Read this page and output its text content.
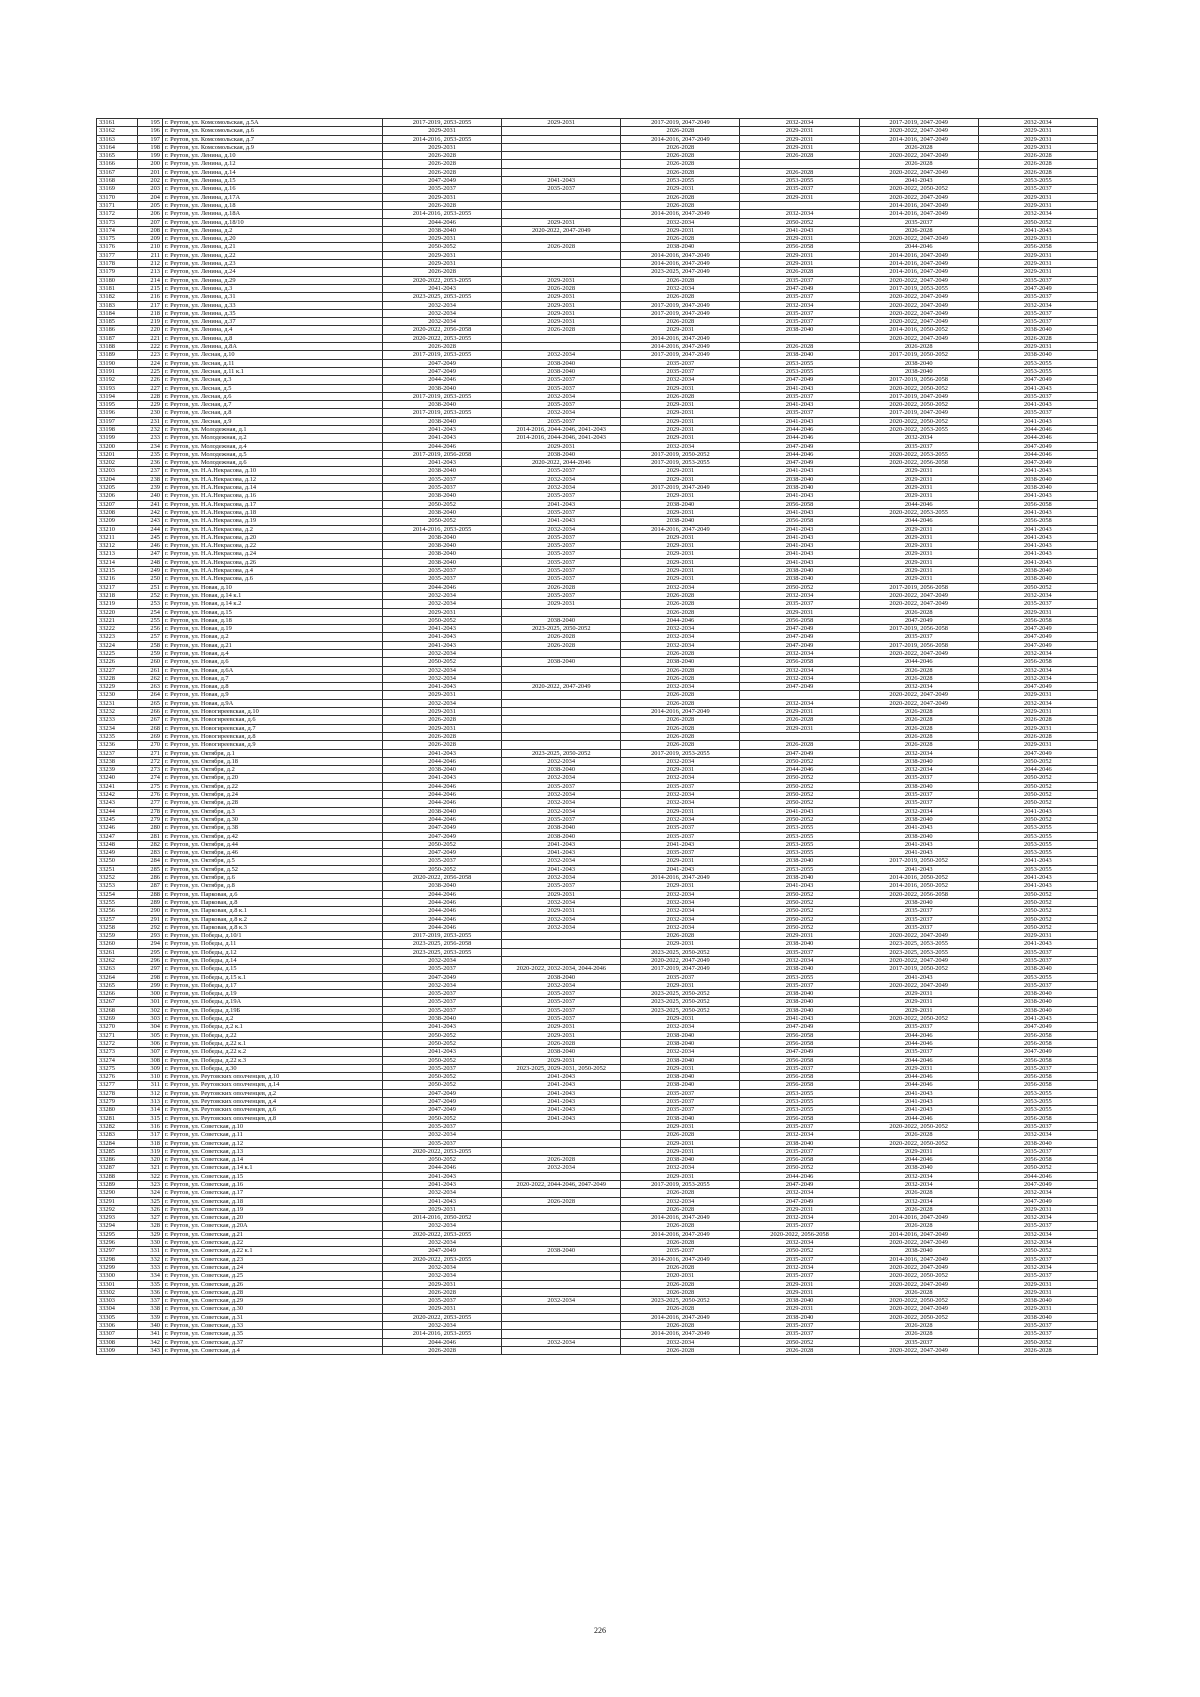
33161	195	г. Реутов, ул. Комсомольская, д.5А	2017-2019, 2053-2055	2029-2031	2017-2019, 2047-2049	2032-2034	2017-2019, 2047-2049	2032-2034
33162	196	г. Реутов, ул. Комсомольская, д.6	2029-2031		2026-2028	2029-2031	2020-2022, 2047-2049	2029-2031
33163	197	г. Реутов, ул. Комсомольская, д.7	2014-2016, 2053-2055		2014-2016, 2047-2049	2029-2031	2014-2016, 2047-2049	2029-2031
33164	198	г. Реутов, ул. Комсомольская, д.9	2029-2031		2026-2028	2029-2031	2026-2028	2029-2031
33165	199	г. Реутов, ул. Ленина, д.10	2026-2028		2026-2028	2026-2028	2020-2022, 2047-2049	2026-2028
33166	200	г. Реутов, ул. Ленина, д.12	2026-2028		2026-2028		2026-2028	2026-2028
33167	201	г. Реутов, ул. Ленина, д.14	2026-2028		2026-2028	2026-2028	2020-2022, 2047-2049	2026-2028
33168	202	г. Реутов, ул. Ленина, д.15	2047-2049	2041-2043	2053-2055	2053-2055	2041-2043	2053-2055
33169	203	г. Реутов, ул. Ленина, д.16	2035-2037	2035-2037	2029-2031	2035-2037	2020-2022, 2050-2052	2035-2037
33170	204	г. Реутов, ул. Ленина, д.17А	2029-2031		2026-2028	2029-2031	2020-2022, 2047-2049	2029-2031
33171	205	г. Реутов, ул. Ленина, д.18	2026-2028		2026-2028		2014-2016, 2047-2049	2029-2031
33172	206	г. Реутов, ул. Ленина, д.18А	2014-2016, 2053-2055		2014-2016, 2047-2049	2032-2034	2014-2016, 2047-2049	2032-2034
33173	207	г. Реутов, ул. Ленина, д.18/10	2044-2046	2029-2031	2032-2034	2050-2052	2035-2037	2050-2052
33174	208	г. Реутов, ул. Ленина, д.2	2038-2040	2020-2022, 2047-2049	2029-2031	2041-2043	2026-2028	2041-2043
33175	209	г. Реутов, ул. Ленина, д.20	2029-2031		2026-2028	2029-2031	2020-2022, 2047-2049	2029-2031
33176	210	г. Реутов, ул. Ленина, д.21	2050-2052	2026-2028	2038-2040	2056-2058	2044-2046	2056-2058
33177	211	г. Реутов, ул. Ленина, д.22	2029-2031		2014-2016, 2047-2049	2029-2031	2014-2016, 2047-2049	2029-2031
33178	212	г. Реутов, ул. Ленина, д.23	2029-2031		2014-2016, 2047-2049	2029-2031	2014-2016, 2047-2049	2029-2031
33179	213	г. Реутов, ул. Ленина, д.24	2026-2028		2023-2025, 2047-2049	2026-2028	2014-2016, 2047-2049	2029-2031
33180	214	г. Реутов, ул. Ленина, д.29	2020-2022, 2053-2055	2029-2031	2026-2028	2035-2037	2020-2022, 2047-2049	2035-2037
33181	215	г. Реутов, ул. Ленина, д.3	2041-2043	2026-2028	2032-2034	2047-2049	2017-2019, 2053-2055	2047-2049
33182	216	г. Реутов, ул. Ленина, д.31	2023-2025, 2053-2055	2029-2031	2026-2028	2035-2037	2020-2022, 2047-2049	2035-2037
33183	217	г. Реутов, ул. Ленина, д.33	2032-2034	2029-2031	2017-2019, 2047-2049	2032-2034	2020-2022, 2047-2049	2032-2034
33184	218	г. Реутов, ул. Ленина, д.35	2032-2034	2029-2031	2017-2019, 2047-2049	2035-2037	2020-2022, 2047-2049	2035-2037
33185	219	г. Реутов, ул. Ленина, д.37	2032-2034	2029-2031	2026-2028	2035-2037	2020-2022, 2047-2049	2035-2037
33186	220	г. Реутов, ул. Ленина, д.4	2020-2022, 2056-2058	2026-2028	2029-2031	2038-2040	2014-2016, 2050-2052	2038-2040
33187	221	г. Реутов, ул. Ленина, д.8	2020-2022, 2053-2055		2014-2016, 2047-2049		2020-2022, 2047-2049	2026-2028
33188	222	г. Реутов, ул. Ленина, д.8А	2026-2028		2014-2016, 2047-2049	2026-2028	2026-2028	2029-2031
33189	223	г. Реутов, ул. Лесная, д.10	2017-2019, 2053-2055	2032-2034	2017-2019, 2047-2049	2038-2040	2017-2019, 2050-2052	2038-2040
33190	224	г. Реутов, ул. Лесная, д.11	2047-2049	2038-2040	2035-2037	2053-2055	2038-2040	2053-2055
33191	225	г. Реутов, ул. Лесная, д.11 к.1	2047-2049	2038-2040	2035-2037	2053-2055	2038-2040	2053-2055
33192	226	г. Реутов, ул. Лесная, д.3	2044-2046	2035-2037	2032-2034	2047-2049	2017-2019, 2056-2058	2047-2049
33193	227	г. Реутов, ул. Лесная, д.5	2038-2040	2035-2037	2029-2031	2041-2043	2020-2022, 2050-2052	2041-2043
33194	228	г. Реутов, ул. Лесная, д.6	2017-2019, 2053-2055	2032-2034	2026-2028	2035-2037	2017-2019, 2047-2049	2035-2037
33195	229	г. Реутов, ул. Лесная, д.7	2038-2040	2035-2037	2029-2031	2041-2043	2020-2022, 2050-2052	2041-2043
33196	230	г. Реутов, ул. Лесная, д.8	2017-2019, 2053-2055	2032-2034	2029-2031	2035-2037	2017-2019, 2047-2049	2035-2037
33197	231	г. Реутов, ул. Лесная, д.9	2038-2040	2035-2037	2029-2031	2041-2043	2020-2022, 2050-2052	2041-2043
33198	232	г. Реутов, ул. Молодежная, д.1	2041-2043	2014-2016, 2044-2046, 2041-2043	2029-2031	2044-2046	2020-2022, 2053-2055	2044-2046
33199	233	г. Реутов, ул. Молодежная, д.2	2041-2043	2014-2016, 2044-2046, 2041-2043	2029-2031	2044-2046	2032-2034	2044-2046
33200	234	г. Реутов, ул. Молодежная, д.4	2044-2046	2029-2031	2032-2034	2047-2049	2035-2037	2047-2049
33201	235	г. Реутов, ул. Молодежная, д.5	2017-2019, 2056-2058	2038-2040	2017-2019, 2050-2052	2044-2046	2020-2022, 2053-2055	2044-2046
33202	236	г. Реутов, ул. Молодежная, д.6	2041-2043	2020-2022, 2044-2046	2017-2019, 2053-2055	2047-2049	2020-2022, 2056-2058	2047-2049
33203	237	г. Реутов, ул. Н.А.Некрасова, д.10	2038-2040	2035-2037	2029-2031	2041-2043	2029-2031	2041-2043
33204	238	г. Реутов, ул. Н.А.Некрасова, д.12	2035-2037	2032-2034	2029-2031	2038-2040	2029-2031	2038-2040
33205	239	г. Реутов, ул. Н.А.Некрасова, д.14	2035-2037	2032-2034	2017-2019, 2047-2049	2038-2040	2029-2031	2038-2040
33206	240	г. Реутов, ул. Н.А.Некрасова, д.16	2038-2040	2035-2037	2029-2031	2041-2043	2029-2031	2041-2043
33207	241	г. Реутов, ул. Н.А.Некрасова, д.17	2050-2052	2041-2043	2038-2040	2056-2058	2044-2046	2056-2058
33208	242	г. Реутов, ул. Н.А.Некрасова, д.18	2038-2040	2035-2037	2029-2031	2041-2043	2020-2022, 2053-2055	2041-2043
33209	243	г. Реутов, ул. Н.А.Некрасова, д.19	2050-2052	2041-2043	2038-2040	2056-2058	2044-2046	2056-2058
33210	244	г. Реутов, ул. Н.А.Некрасова, д.2	2014-2016, 2053-2055	2032-2034	2014-2016, 2047-2049	2041-2043	2029-2031	2041-2043
33211	245	г. Реутов, ул. Н.А.Некрасова, д.20	2038-2040	2035-2037	2029-2031	2041-2043	2029-2031	2041-2043
33212	246	г. Реутов, ул. Н.А.Некрасова, д.22	2038-2040	2035-2037	2029-2031	2041-2043	2029-2031	2041-2043
33213	247	г. Реутов, ул. Н.А.Некрасова, д.24	2038-2040	2035-2037	2029-2031	2041-2043	2029-2031	2041-2043
33214	248	г. Реутов, ул. Н.А.Некрасова, д.26	2038-2040	2035-2037	2029-2031	2041-2043	2029-2031	2041-2043
33215	249	г. Реутов, ул. Н.А.Некрасова, д.4	2035-2037	2035-2037	2029-2031	2038-2040	2029-2031	2038-2040
33216	250	г. Реутов, ул. Н.А.Некрасова, д.6	2035-2037	2035-2037	2029-2031	2038-2040	2029-2031	2038-2040
33217	251	г. Реутов, ул. Новая, д.10	2044-2046	2026-2028	2032-2034	2050-2052	2017-2019, 2056-2058	2050-2052
33218	252	г. Реутов, ул. Новая, д.14 к.1	2032-2034	2035-2037	2026-2028	2032-2034	2020-2022, 2047-2049	2032-2034
33219	253	г. Реутов, ул. Новая, д.14 к.2	2032-2034	2029-2031	2026-2028	2035-2037	2020-2022, 2047-2049	2035-2037
33220	254	г. Реутов, ул. Новая, д.15	2029-2031		2026-2028	2029-2031	2026-2028	2029-2031
33221	255	г. Реутов, ул. Новая, д.18	2050-2052	2038-2040	2044-2046	2056-2058	2047-2049	2056-2058
33222	256	г. Реутов, ул. Новая, д.19	2041-2043	2023-2025, 2050-2052	2032-2034	2047-2049	2017-2019, 2056-2058	2047-2049
33223	257	г. Реутов, ул. Новая, д.2	2041-2043	2026-2028	2032-2034	2047-2049	2035-2037	2047-2049
33224	258	г. Реутов, ул. Новая, д.21	2041-2043	2026-2028	2032-2034	2047-2049	2017-2019, 2056-2058	2047-2049
33225	259	г. Реутов, ул. Новая, д.4	2032-2034		2026-2028	2032-2034	2020-2022, 2047-2049	2032-2034
33226	260	г. Реутов, ул. Новая, д.6	2050-2052	2038-2040	2038-2040	2056-2058	2044-2046	2056-2058
33227	261	г. Реутов, ул. Новая, д.6А	2032-2034		2026-2028	2032-2034	2026-2028	2032-2034
33228	262	г. Реутов, ул. Новая, д.7	2032-2034		2026-2028	2032-2034	2026-2028	2032-2034
33229	263	г. Реутов, ул. Новая, д.8	2041-2043	2020-2022, 2047-2049	2032-2034	2047-2049	2032-2034	2047-2049
33230	264	г. Реутов, ул. Новая, д.9	2029-2031		2026-2028		2020-2022, 2047-2049	2029-2031
33231	265	г. Реутов, ул. Новая, д.9А	2032-2034		2026-2028	2032-2034	2020-2022, 2047-2049	2032-2034
33232	266	г. Реутов, ул. Новогиреевская, д.10	2029-2031		2014-2016, 2047-2049	2029-2031	2026-2028	2029-2031
33233	267	г. Реутов, ул. Новогиреевская, д.6	2026-2028		2026-2028	2026-2028	2026-2028	2026-2028
33234	268	г. Реутов, ул. Новогиреевская, д.7	2029-2031		2026-2028	2029-2031	2026-2028	2029-2031
33235	269	г. Реутов, ул. Новогиреевская, д.8	2026-2028		2026-2028		2026-2028	2026-2028
33236	270	г. Реутов, ул. Новогиреевская, д.9	2026-2028		2026-2028	2026-2028	2026-2028	2029-2031
33237	271	г. Реутов, ул. Октября, д.1	2041-2043	2023-2025, 2050-2052	2017-2019, 2053-2055	2047-2049	2032-2034	2047-2049
33238	272	г. Реутов, ул. Октября, д.18	2044-2046	2032-2034	2032-2034	2050-2052	2038-2040	2050-2052
33239	273	г. Реутов, ул. Октября, д.2	2038-2040	2038-2040	2029-2031	2044-2046	2032-2034	2044-2046
33240	274	г. Реутов, ул. Октября, д.20	2041-2043	2032-2034	2032-2034	2050-2052	2035-2037	2050-2052
33241	275	г. Реутов, ул. Октября, д.22	2044-2046	2035-2037	2035-2037	2050-2052	2038-2040	2050-2052
33242	276	г. Реутов, ул. Октября, д.24	2044-2046	2032-2034	2032-2034	2050-2052	2035-2037	2050-2052
33243	277	г. Реутов, ул. Октября, д.28	2044-2046	2032-2034	2032-2034	2050-2052	2035-2037	2050-2052
33244	278	г. Реутов, ул. Октября, д.3	2038-2040	2032-2034	2029-2031	2041-2043	2032-2034	2041-2043
33245	279	г. Реутов, ул. Октября, д.30	2044-2046	2035-2037	2032-2034	2050-2052	2038-2040	2050-2052
33246	280	г. Реутов, ул. Октября, д.38	2047-2049	2038-2040	2035-2037	2053-2055	2041-2043	2053-2055
33247	281	г. Реутов, ул. Октября, д.42	2047-2049	2038-2040	2035-2037	2053-2055	2038-2040	2053-2055
33248	282	г. Реутов, ул. Октября, д.44	2050-2052	2041-2043	2041-2043	2053-2055	2041-2043	2053-2055
33249	283	г. Реутов, ул. Октября, д.46	2047-2049	2041-2043	2035-2037	2053-2055	2041-2043	2053-2055
33250	284	г. Реутов, ул. Октября, д.5	2035-2037	2032-2034	2029-2031	2038-2040	2017-2019, 2050-2052	2041-2043
33251	285	г. Реутов, ул. Октября, д.52	2050-2052	2041-2043	2041-2043	2053-2055	2041-2043	2053-2055
33252	286	г. Реутов, ул. Октября, д.6	2020-2022, 2056-2058	2032-2034	2014-2016, 2047-2049	2038-2040	2014-2016, 2050-2052	2041-2043
33253	287	г. Реутов, ул. Октября, д.8	2038-2040	2035-2037	2029-2031	2041-2043	2014-2016, 2050-2052	2041-2043
33254	288	г. Реутов, ул. Парковая, д.6	2044-2046	2029-2031	2032-2034	2050-2052	2020-2022, 2056-2058	2050-2052
33255	289	г. Реутов, ул. Парковая, д.8	2044-2046	2032-2034	2032-2034	2050-2052	2038-2040	2050-2052
33256	290	г. Реутов, ул. Парковая, д.8 к.1	2044-2046	2029-2031	2032-2034	2050-2052	2035-2037	2050-2052
33257	291	г. Реутов, ул. Парковая, д.8 к.2	2044-2046	2032-2034	2032-2034	2050-2052	2035-2037	2050-2052
33258	292	г. Реутов, ул. Парковая, д.8 к.3	2044-2046	2032-2034	2032-2034	2050-2052	2035-2037	2050-2052
33259	293	г. Реутов, ул. Победы, д.10/1	2017-2019, 2053-2055		2026-2028	2029-2031	2020-2022, 2047-2049	2029-2031
33260	294	г. Реутов, ул. Победы, д.11	2023-2025, 2056-2058		2029-2031	2038-2040	2023-2025, 2053-2055	2041-2043
33261	295	г. Реутов, ул. Победы, д.12	2023-2025, 2053-2055		2023-2025, 2050-2052	2035-2037	2023-2025, 2053-2055	2035-2037
33262	296	г. Реутов, ул. Победы, д.14	2032-2034		2020-2022, 2047-2049	2032-2034	2020-2022, 2047-2049	2035-2037
33263	297	г. Реутов, ул. Победы, д.15	2035-2037	2020-2022, 2032-2034, 2044-2046	2017-2019, 2047-2049	2038-2040	2017-2019, 2050-2052	2038-2040
33264	298	г. Реутов, ул. Победы, д.15 к.1	2047-2049	2038-2040	2035-2037	2053-2055	2041-2043	2053-2055
33265	299	г. Реутов, ул. Победы, д.17	2032-2034	2032-2034	2029-2031	2035-2037	2020-2022, 2047-2049	2035-2037
33266	300	г. Реутов, ул. Победы, д.19	2035-2037	2035-2037	2023-2025, 2050-2052	2038-2040	2029-2031	2038-2040
33267	301	г. Реутов, ул. Победы, д.19А	2035-2037	2035-2037	2023-2025, 2050-2052	2038-2040	2029-2031	2038-2040
33268	302	г. Реутов, ул. Победы, д.19Б	2035-2037	2035-2037	2023-2025, 2050-2052	2038-2040	2029-2031	2038-2040
33269	303	г. Реутов, ул. Победы, д.2	2038-2040	2035-2037	2029-2031	2041-2043	2020-2022, 2050-2052	2041-2043
33270	304	г. Реутов, ул. Победы, д.2 к.1	2041-2043	2029-2031	2032-2034	2047-2049	2035-2037	2047-2049
33271	305	г. Реутов, ул. Победы, д.22	2050-2052	2029-2031	2038-2040	2056-2058	2044-2046	2056-2058
33272	306	г. Реутов, ул. Победы, д.22 к.1	2050-2052	2026-2028	2038-2040	2056-2058	2044-2046	2056-2058
33273	307	г. Реутов, ул. Победы, д.22 к.2	2041-2043	2038-2040	2032-2034	2047-2049	2035-2037	2047-2049
33274	308	г. Реутов, ул. Победы, д.22 к.3	2050-2052	2029-2031	2038-2040	2056-2058	2044-2046	2056-2058
33275	309	г. Реутов, ул. Победы, д.30	2035-2037	2023-2025, 2029-2031, 2050-2052	2029-2031	2035-2037	2029-2031	2035-2037
33276	310	г. Реутов, ул. Реутовских ополченцев, д.10	2050-2052	2041-2043	2038-2040	2056-2058	2044-2046	2056-2058
33277	311	г. Реутов, ул. Реутовских ополченцев, д.14	2050-2052	2041-2043	2038-2040	2056-2058	2044-2046	2056-2058
33278	312	г. Реутов, ул. Реутовских ополченцев, д.2	2047-2049	2041-2043	2035-2037	2053-2055	2041-2043	2053-2055
33279	313	г. Реутов, ул. Реутовских ополченцев, д.4	2047-2049	2041-2043	2035-2037	2053-2055	2041-2043	2053-2055
33280	314	г. Реутов, ул. Реутовских ополченцев, д.6	2047-2049	2041-2043	2035-2037	2053-2055	2041-2043	2053-2055
33281	315	г. Реутов, ул. Реутовских ополченцев, д.8	2050-2052	2041-2043	2038-2040	2056-2058	2044-2046	2056-2058
33282	316	г. Реутов, ул. Советская, д.10	2035-2037		2029-2031	2035-2037	2020-2022, 2050-2052	2035-2037
33283	317	г. Реутов, ул. Советская, д.11	2032-2034		2026-2028	2032-2034	2026-2028	2032-2034
33284	318	г. Реутов, ул. Советская, д.12	2035-2037		2029-2031	2038-2040	2020-2022, 2050-2052	2038-2040
33285	319	г. Реутов, ул. Советская, д.13	2020-2022, 2053-2055		2029-2031	2035-2037	2029-2031	2035-2037
33286	320	г. Реутов, ул. Советская, д.14	2050-2052	2026-2028	2038-2040	2056-2058	2044-2046	2056-2058
33287	321	г. Реутов, ул. Советская, д.14 к.1	2044-2046	2032-2034	2032-2034	2050-2052	2038-2040	2050-2052
33288	322	г. Реутов, ул. Советская, д.15	2041-2043		2029-2031	2044-2046	2032-2034	2044-2046
33289	323	г. Реутов, ул. Советская, д.16	2041-2043	2020-2022, 2044-2046, 2047-2049	2017-2019, 2053-2055	2047-2049	2032-2034	2047-2049
33290	324	г. Реутов, ул. Советская, д.17	2032-2034		2026-2028	2032-2034	2026-2028	2032-2034
33291	325	г. Реутов, ул. Советская, д.18	2041-2043	2026-2028	2032-2034	2047-2049	2032-2034	2047-2049
33292	326	г. Реутов, ул. Советская, д.19	2029-2031		2026-2028	2029-2031	2026-2028	2029-2031
33293	327	г. Реутов, ул. Советская, д.20	2014-2016, 2050-2052		2014-2016, 2047-2049	2032-2034	2014-2016, 2047-2049	2032-2034
33294	328	г. Реутов, ул. Советская, д.20А	2032-2034		2026-2028	2035-2037	2026-2028	2035-2037
33295	329	г. Реутов, ул. Советская, д.21	2020-2022, 2053-2055		2014-2016, 2047-2049	2020-2022, 2056-2058	2014-2016, 2047-2049	2032-2034
33296	330	г. Реутов, ул. Советская, д.22	2032-2034		2026-2028	2032-2034	2020-2022, 2047-2049	2032-2034
33297	331	г. Реутов, ул. Советская, д.22 к.1	2047-2049	2038-2040	2035-2037	2050-2052	2038-2040	2050-2052
33298	332	г. Реутов, ул. Советская, д.23	2020-2022, 2053-2055		2014-2016, 2047-2049	2035-2037	2014-2016, 2047-2049	2035-2037
33299	333	г. Реутов, ул. Советская, д.24	2032-2034		2026-2028	2032-2034	2020-2022, 2047-2049	2032-2034
33300	334	г. Реутов, ул. Советская, д.25	2032-2034		2020-2031	2035-2037	2020-2022, 2050-2052	2035-2037
33301	335	г. Реутов, ул. Советская, д.26	2029-2031		2026-2028	2029-2031	2020-2022, 2047-2049	2029-2031
33302	336	г. Реутов, ул. Советская, д.28	2026-2028		2026-2028	2029-2031	2026-2028	2029-2031
33303	337	г. Реутов, ул. Советская, д.29	2035-2037	2032-2034	2023-2025, 2050-2052	2038-2040	2020-2022, 2050-2052	2038-2040
33304	338	г. Реутов, ул. Советская, д.30	2029-2031		2026-2028	2029-2031	2020-2022, 2047-2049	2029-2031
33305	339	г. Реутов, ул. Советская, д.31	2020-2022, 2053-2055		2014-2016, 2047-2049	2038-2040	2020-2022, 2050-2052	2038-2040
33306	340	г. Реутов, ул. Советская, д.33	2032-2034		2026-2028	2035-2037	2026-2028	2035-2037
33307	341	г. Реутов, ул. Советская, д.35	2014-2016, 2053-2055		2014-2016, 2047-2049	2035-2037	2026-2028	2035-2037
33308	342	г. Реутов, ул. Советская, д.37	2044-2046	2032-2034	2032-2034	2050-2052	2035-2037	2050-2052
33309	343	г. Реутов, ул. Советская, д.4	2026-2028		2026-2028	2026-2028	2020-2022, 2047-2049	2026-2028
226
